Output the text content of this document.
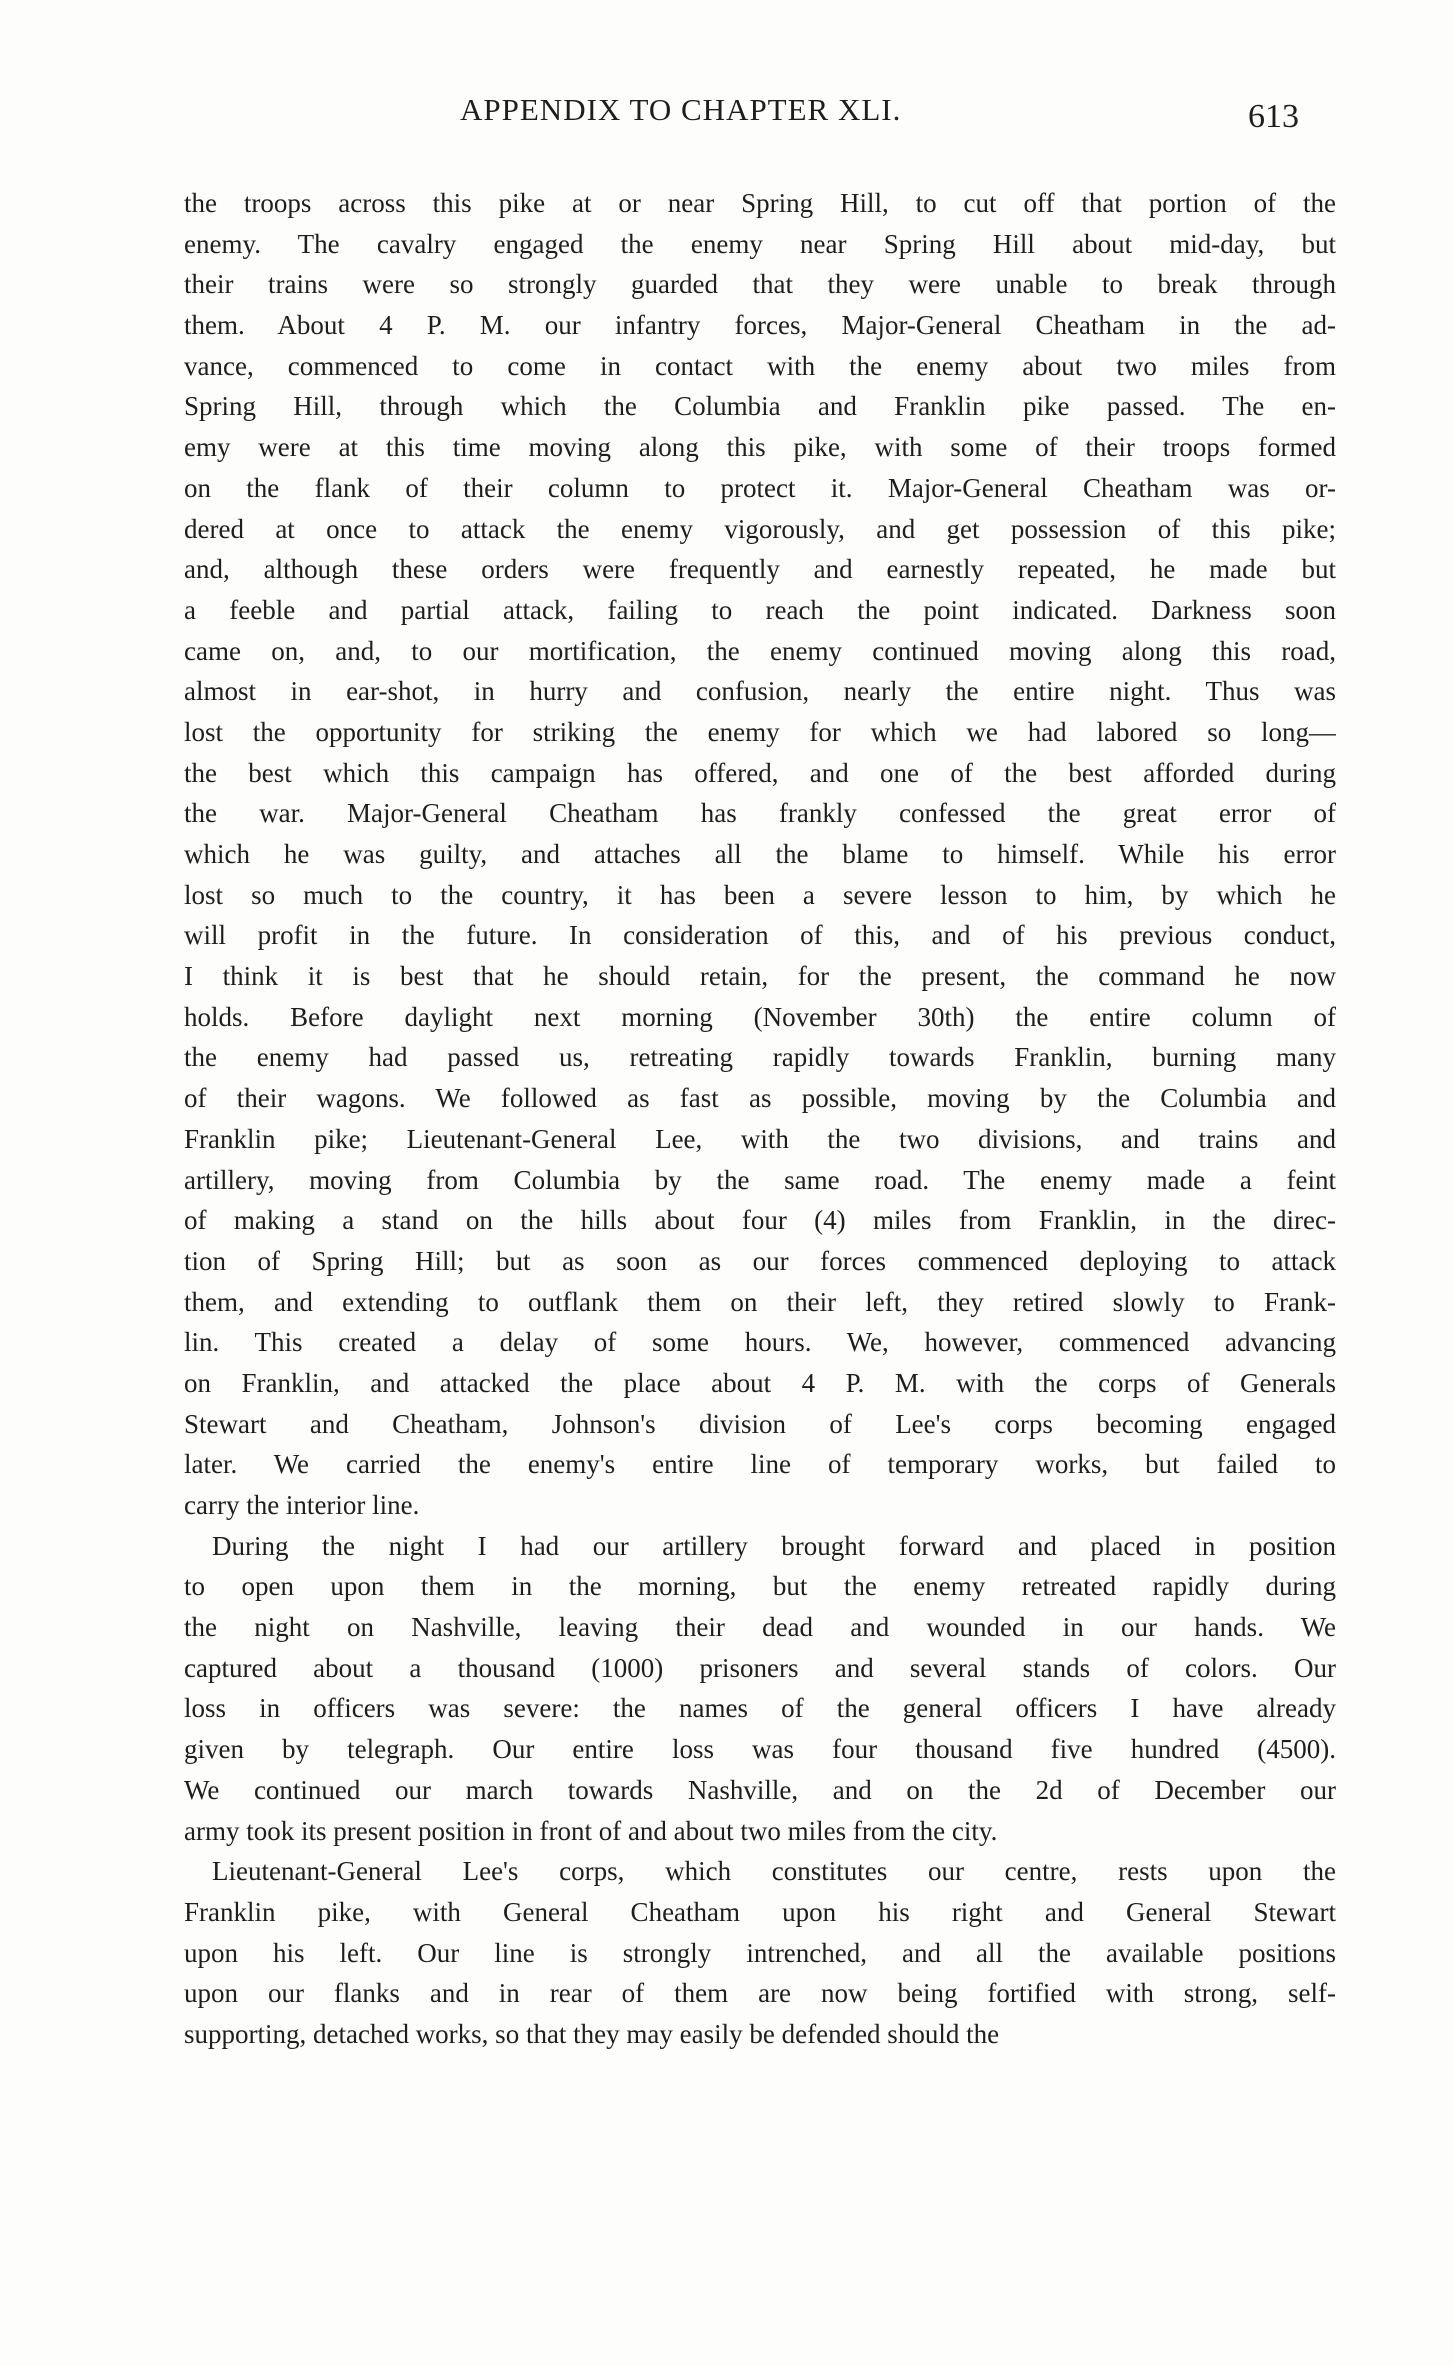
APPENDIX TO CHAPTER XLI.	613
the troops across this pike at or near Spring Hill, to cut off that portion of the
enemy. The cavalry engaged the enemy near Spring Hill about mid-day, but
their trains were so strongly guarded that they were unable to break through
them. About 4 P. M. our infantry forces, Major-General Cheatham in the ad-
vance, commenced to come in contact with the enemy about two miles from
Spring Hill, through which the Columbia and Franklin pike passed. The en-
emy were at this time moving along this pike, with some of their troops formed
on the flank of their column to protect it. Major-General Cheatham was or-
dered at once to attack the enemy vigorously, and get possession of this pike;
and, although these orders were frequently and earnestly repeated, he made but
a feeble and partial attack, failing to reach the point indicated. Darkness soon
came on, and, to our mortification, the enemy continued moving along this road,
almost in ear-shot, in hurry and confusion, nearly the entire night. Thus was
lost the opportunity for striking the enemy for which we had labored so long—
the best which this campaign has offered, and one of the best afforded during
the war. Major-General Cheatham has frankly confessed the great error of
which he was guilty, and attaches all the blame to himself. While his error
lost so much to the country, it has been a severe lesson to him, by which he
will profit in the future. In consideration of this, and of his previous conduct,
I think it is best that he should retain, for the present, the command he now
holds. Before daylight next morning (November 30th) the entire column of
the enemy had passed us, retreating rapidly towards Franklin, burning many
of their wagons. We followed as fast as possible, moving by the Columbia and
Franklin pike; Lieutenant-General Lee, with the two divisions, and trains and
artillery, moving from Columbia by the same road. The enemy made a feint
of making a stand on the hills about four (4) miles from Franklin, in the direc-
tion of Spring Hill; but as soon as our forces commenced deploying to attack
them, and extending to outflank them on their left, they retired slowly to Frank-
lin. This created a delay of some hours. We, however, commenced advancing
on Franklin, and attacked the place about 4 P. M. with the corps of Generals
Stewart and Cheatham, Johnson's division of Lee's corps becoming engaged
later. We carried the enemy's entire line of temporary works, but failed to
carry the interior line.
During the night I had our artillery brought forward and placed in position
to open upon them in the morning, but the enemy retreated rapidly during
the night on Nashville, leaving their dead and wounded in our hands. We
captured about a thousand (1000) prisoners and several stands of colors. Our
loss in officers was severe: the names of the general officers I have already
given by telegraph. Our entire loss was four thousand five hundred (4500).
We continued our march towards Nashville, and on the 2d of December our
army took its present position in front of and about two miles from the city.
Lieutenant-General Lee's corps, which constitutes our centre, rests upon the
Franklin pike, with General Cheatham upon his right and General Stewart
upon his left. Our line is strongly intrenched, and all the available positions
upon our flanks and in rear of them are now being fortified with strong, self-
supporting, detached works, so that they may easily be defended should the
